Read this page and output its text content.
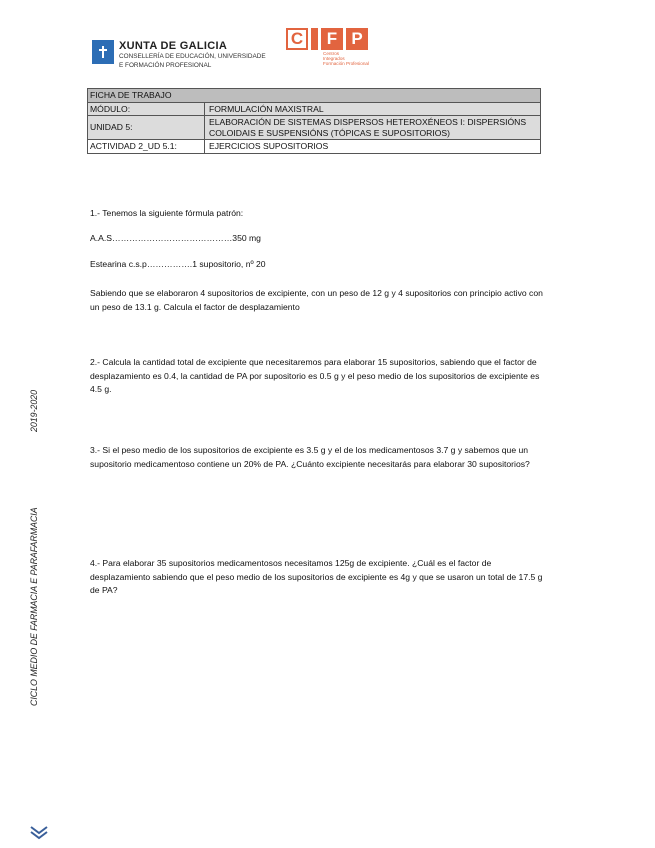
XUNTA DE GALICIA
CONSELLERÍA DE EDUCACIÓN, UNIVERSIDADE
E FORMACIÓN PROFESIONAL
C	F P
Centros
Integrados
Formación Profesional
FICHA DE TRABAJO	
MÓDULO:	FORMULACIÓN MAXISTRAL
UNIDAD 5:	ELABORACIÓN DE SISTEMAS DISPERSOS HETEROXÉNEOS I: DISPERSIÓNS COLOIDAIS E SUSPENSIÓNS (TÓPICAS E SUPOSITORIOS)
ACTIVIDAD 2_UD 5.1:	EJERCICIOS SUPOSITORIOS
1.- Tenemos la siguiente fórmula patrón:
A.A.S……………………………………350 mg
Estearina c.s.p…………….1 supositorio, nº 20
Sabiendo que se elaboraron 4 supositorios de excipiente, con un peso de 12 g y 4 supositorios con principio activo con un peso de 13.1 g. Calcula el factor de desplazamiento
2.- Calcula la cantidad total de excipiente que necesitaremos para elaborar 15 supositorios, sabiendo que el factor de desplazamiento es 0.4, la cantidad de PA por supositorio es 0.5 g y el peso medio de los supositorios de excipiente es 4.5 g.
3.- Si el peso medio de los supositorios de excipiente es 3.5 g y el de los medicamentosos 3.7 g y sabemos que un supositorio medicamentoso contiene un 20% de PA. ¿Cuánto excipiente necesitarás para elaborar 30 supositorios?
4.- Para elaborar 35 supositorios medicamentosos necesitamos 125g de excipiente. ¿Cuál es el factor de desplazamiento sabiendo que el peso medio de los supositorios de excipiente es 4g y que se usaron un total de 17.5 g de PA?
CICLO MEDIO DE FARMACIA E PARAFARMACIA
2019-2020
